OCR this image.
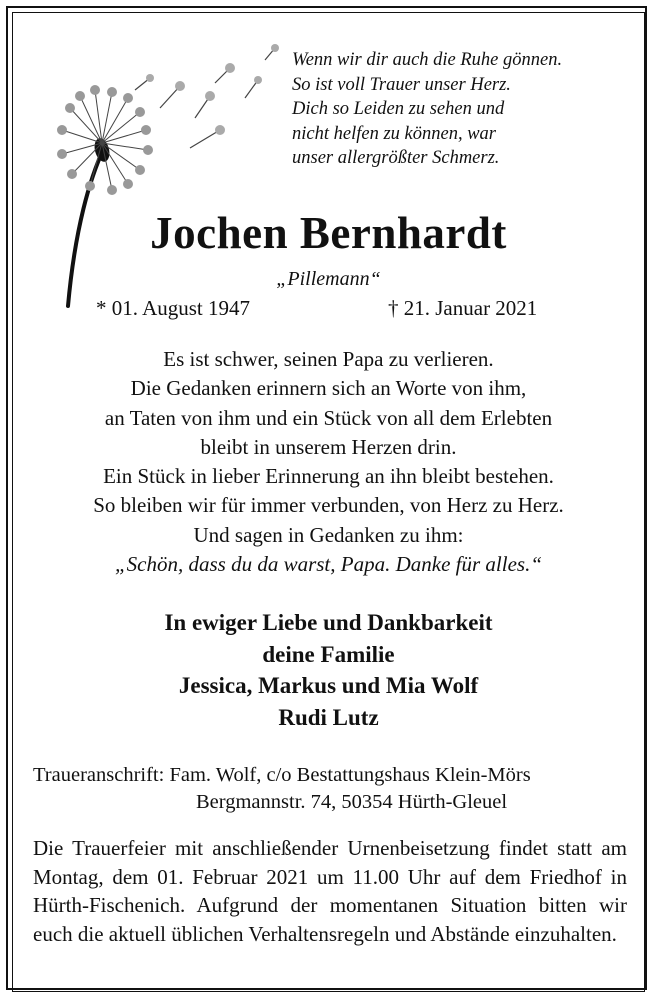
Wenn wir dir auch die Ruhe gönnen.
So ist voll Trauer unser Herz.
Dich so Leiden zu sehen und
nicht helfen zu können, war
unser allergrößter Schmerz.
Jochen Bernhardt
„Pillemann“
* 01. August 1947	† 21. Januar 2021
Es ist schwer, seinen Papa zu verlieren.
Die Gedanken erinnern sich an Worte von ihm,
an Taten von ihm und ein Stück von all dem Erlebten
bleibt in unserem Herzen drin.
Ein Stück in lieber Erinnerung an ihn bleibt bestehen.
So bleiben wir für immer verbunden, von Herz zu Herz.
Und sagen in Gedanken zu ihm:
„Schön, dass du da warst, Papa. Danke für alles.“
In ewiger Liebe und Dankbarkeit
deine Familie
Jessica, Markus und Mia Wolf
Rudi Lutz
Traueranschrift: Fam. Wolf, c/o Bestattungshaus Klein-Mörs
Bergmannstr. 74, 50354 Hürth-Gleuel
Die Trauerfeier mit anschließender Urnenbeisetzung findet statt am Montag, dem 01. Februar 2021 um 11.00 Uhr auf dem Friedhof in Hürth-Fischenich. Aufgrund der momentanen Situation bitten wir euch die aktuell üblichen Verhaltensregeln und Abstände einzuhalten.
